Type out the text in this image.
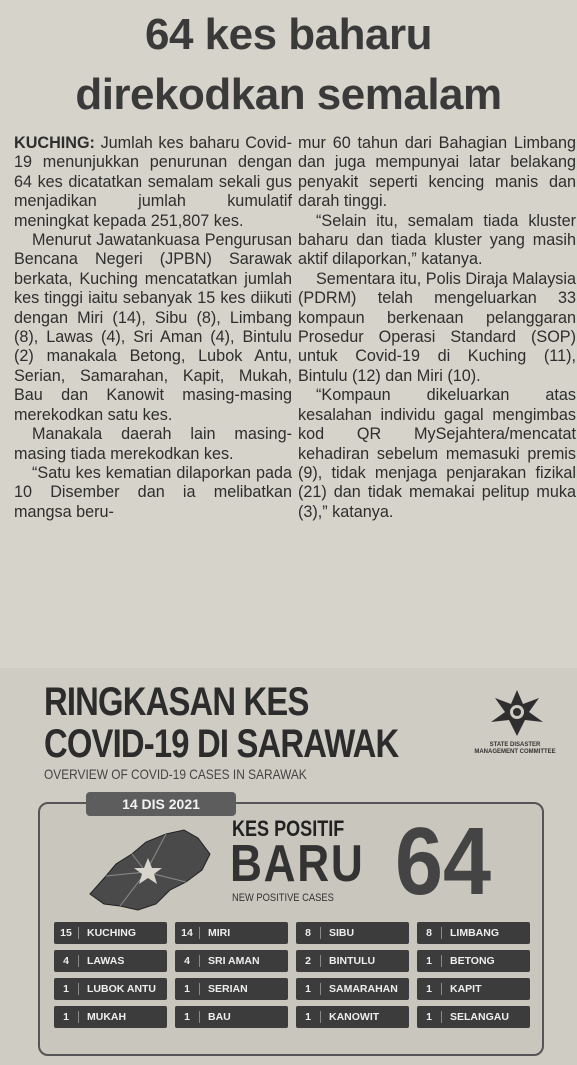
64 kes baharu
direkodkan semalam

KUCHING: Jumlah kes baharu Covid-19 menunjukkan penurunan dengan 64 kes dicatatkan semalam sekali gus menjadikan jumlah kumulatif meningkat kepada 251,807 kes.

Menurut Jawatankuasa Pengurusan Bencana Negeri (JPBN) Sarawak berkata, Kuching mencatatkan jumlah kes tinggi iaitu sebanyak 15 kes diikuti dengan Miri (14), Sibu (8), Limbang (8), Lawas (4), Sri Aman (4), Bintulu (2) manakala Betong, Lubok Antu, Serian, Samarahan, Kapit, Mukah, Bau dan Kanowit masing-masing merekodkan satu kes.

Manakala daerah lain masing-masing tiada merekodkan kes.

“Satu kes kematian dilaporkan pada 10 Disember dan ia melibatkan mangsa beru-

mur 60 tahun dari Bahagian Limbang dan juga mempunyai latar belakang penyakit seperti kencing manis dan darah tinggi.

“Selain itu, semalam tiada kluster baharu dan tiada kluster yang masih aktif dilaporkan,” katanya.

Sementara itu, Polis Diraja Malaysia (PDRM) telah mengeluarkan 33 kompaun berkenaan pelanggaran Prosedur Operasi Standard (SOP) untuk Covid-19 di Kuching (11), Bintulu (12) dan Miri (10).

“Kompaun dikeluarkan atas kesalahan individu gagal mengimbas kod QR MySejahtera/mencatat kehadiran sebelum memasuki premis (9), tidak menjaga penjarakan fizikal (21) dan tidak memakai pelitup muka (3),” katanya.

RINGKASAN KES
COVID-19 DI SARAWAK
OVERVIEW OF COVID-19 CASES IN SARAWAK
STATE DISASTER MANAGEMENT COMMITTEE
14 DIS 2021
KES POSITIF
BARU
NEW POSITIVE CASES 64
15	KUCHING	14	MIRI	8	SIBU	8	LIMBANG
4	LAWAS	4	SRI AMAN	2	BINTULU	1	BETONG
1	LUBOK ANTU	1	SERIAN	1	SAMARAHAN	1	KAPIT
1	MUKAH	1	BAU	1	KANOWIT	1	SELANGAU
